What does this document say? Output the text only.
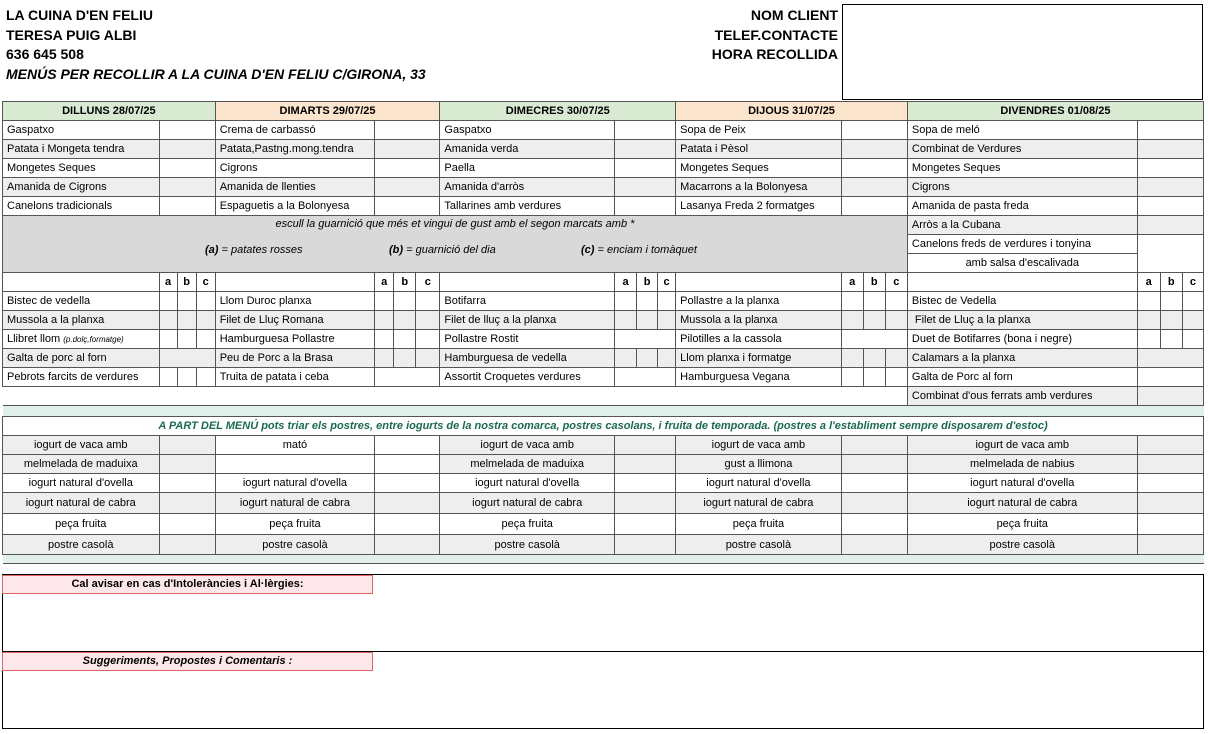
LA CUINA D'EN FELIU
TERESA PUIG ALBI
636 645 508
MENÚS PER RECOLLIR A LA CUINA D'EN FELIU C/GIRONA, 33
NOM CLIENT
TELEF.CONTACTE
HORA RECOLLIDA
DILLUNS 28/07/25				DIMARTS 29/07/25				DIMECRES 30/07/25				DIJOUS 31/07/25				DIVENDRES 01/08/25			
Gaspatxo				Crema de carbassó				Gaspatxo				Sopa de Peix				Sopa de meló			
Patata i Mongeta tendra				Patata,Pastng.mong.tendra				Amanida verda				Patata i Pèsol				Combinat de Verdures			
Mongetes Seques				Cigrons				Paella				Mongetes Seques				Mongetes Seques			
Amanida de Cigrons				Amanida de llenties				Amanida d'arròs				Macarrons a la Bolonyesa				Cigrons			
Canelons tradicionals				Espaguetis a la Bolonyesa				Tallarines amb verdures				Lasanya Freda 2 formatges				Amanida de pasta freda			

escull la guarnició que més et vingui de gust amb el segon marcats amb *
(a) = patates rosses (b) = guarnició del dia (c) = enciam i tomàquet																Arròs a la Cubana			
																Canelons freds de verdures i tonyina			
																amb salsa d'escalivada			
	a	b	c		a	b	c		a	b	c		a	b	c		a	b	c
Bistec de vedella				Llom Duroc planxa				Botifarra				Pollastre a la planxa				Bistec de Vedella			
Mussola a la planxa				Filet de Lluç Romana				Filet de lluç a la planxa				Mussola a la planxa				Filet de Lluç a la planxa			
Llibret llom (p.dolç,formatge)				Hamburguesa Pollastre				Pollastre Rostit				Pilotilles a la cassola				Duet de Botifarres (bona i negre)			
Galta de porc al forn				Peu de Porc a la Brasa				Hamburguesa de vedella				Llom planxa i formatge				Calamars a la planxa			
Pebrots farcits de verdures				Truita de patata i ceba				Assortit Croquetes verdures				Hamburguesa Vegana				Galta de Porc al forn			
																Combinat d'ous ferrats amb verdures			

A PART DEL MENÚ pots triar els postres, entre iogurts de la nostra comarca, postres casolans, i fruita de temporada. (postres a l'establiment sempre disposarem d'estoc)																			
iogurt de vaca amb				mató				iogurt de vaca amb				iogurt de vaca amb				iogurt de vaca amb			
melmelada de maduixa								melmelada de maduixa				gust a llimona				melmelada de nabius			
iogurt natural d'ovella				iogurt natural d'ovella				iogurt natural d'ovella				iogurt natural d'ovella				iogurt natural d'ovella			
iogurt natural de cabra				iogurt natural de cabra				iogurt natural de cabra				iogurt natural de cabra				iogurt natural de cabra			
peça fruita				peça fruita				peça fruita				peça fruita				peça fruita			
postre casolà				postre casolà				postre casolà				postre casolà				postre casolà			

Cal avisar en cas d'Intoleràncies i Al·lèrgies:
Suggeriments, Propostes i Comentaris :
